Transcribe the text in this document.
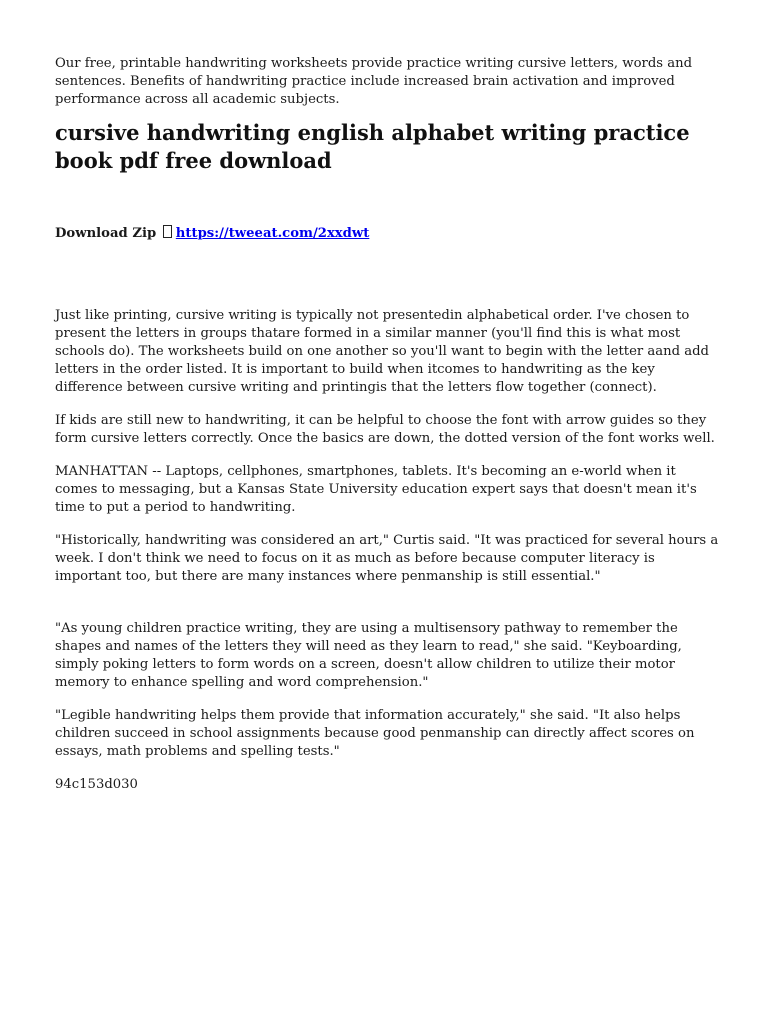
Our free, printable handwriting worksheets provide practice writing cursive letters, words and sentences. Benefits of handwriting practice include increased brain activation and improved performance across all academic subjects.

cursive handwriting english alphabet writing practice book pdf free download
Download Zip https://tweeat.com/2xxdwt

Just like printing, cursive writing is typically not presentedin alphabetical order. I've chosen to present the letters in groups thatare formed in a similar manner (you'll find this is what most schools do). The worksheets build on one another so you'll want to begin with the letter aand add letters in the order listed. It is important to build when itcomes to handwriting as the key difference between cursive writing and printingis that the letters flow together (connect).

If kids are still new to handwriting, it can be helpful to choose the font with arrow guides so they form cursive letters correctly. Once the basics are down, the dotted version of the font works well.

MANHATTAN -- Laptops, cellphones, smartphones, tablets. It's becoming an e-world when it comes to messaging, but a Kansas State University education expert says that doesn't mean it's time to put a period to handwriting.

"Historically, handwriting was considered an art," Curtis said. "It was practiced for several hours a week. I don't think we need to focus on it as much as before because computer literacy is important too, but there are many instances where penmanship is still essential."

"As young children practice writing, they are using a multisensory pathway to remember the shapes and names of the letters they will need as they learn to read," she said. "Keyboarding, simply poking letters to form words on a screen, doesn't allow children to utilize their motor memory to enhance spelling and word comprehension."

"Legible handwriting helps them provide that information accurately," she said. "It also helps children succeed in school assignments because good penmanship can directly affect scores on essays, math problems and spelling tests."

94c153d030
